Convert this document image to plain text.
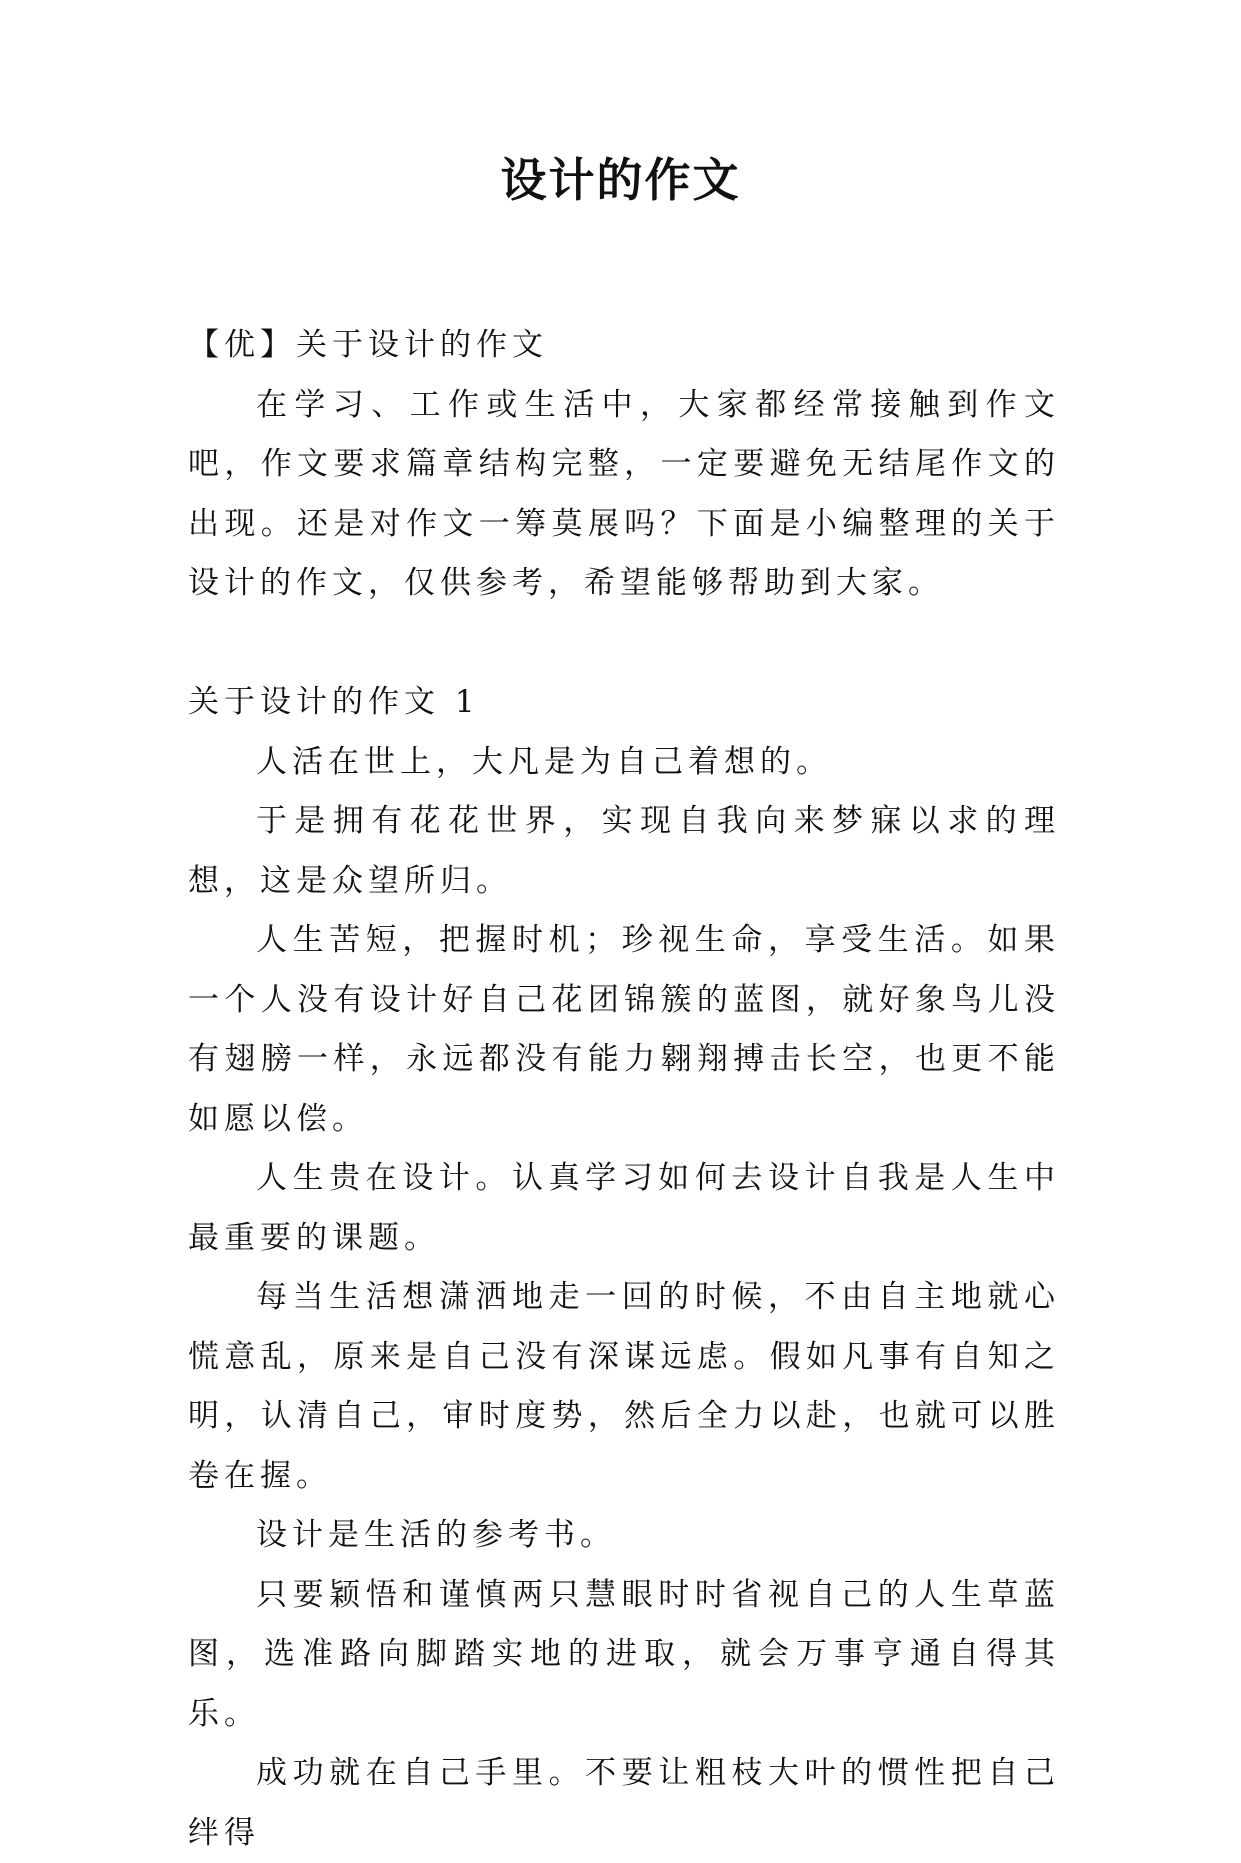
设计的作文

【优】关于设计的作文

在学习、工作或生活中，大家都经常接触到作文吧，作文要求篇章结构完整，一定要避免无结尾作文的出现。还是对作文一筹莫展吗？下面是小编整理的关于设计的作文，仅供参考，希望能够帮助到大家。

关于设计的作文 1

人活在世上，大凡是为自己着想的。

于是拥有花花世界，实现自我向来梦寐以求的理想，这是众望所归。

人生苦短，把握时机；珍视生命，享受生活。如果一个人没有设计好自己花团锦簇的蓝图，就好象鸟儿没有翅膀一样，永远都没有能力翱翔搏击长空，也更不能如愿以偿。

人生贵在设计。认真学习如何去设计自我是人生中最重要的课题。

每当生活想潇洒地走一回的时候，不由自主地就心慌意乱，原来是自己没有深谋远虑。假如凡事有自知之明，认清自己，审时度势，然后全力以赴，也就可以胜卷在握。

设计是生活的参考书。

只要颖悟和谨慎两只慧眼时时省视自己的人生草蓝图，选准路向脚踏实地的进取，就会万事亨通自得其乐。

成功就在自己手里。不要让粗枝大叶的惯性把自己绊得
